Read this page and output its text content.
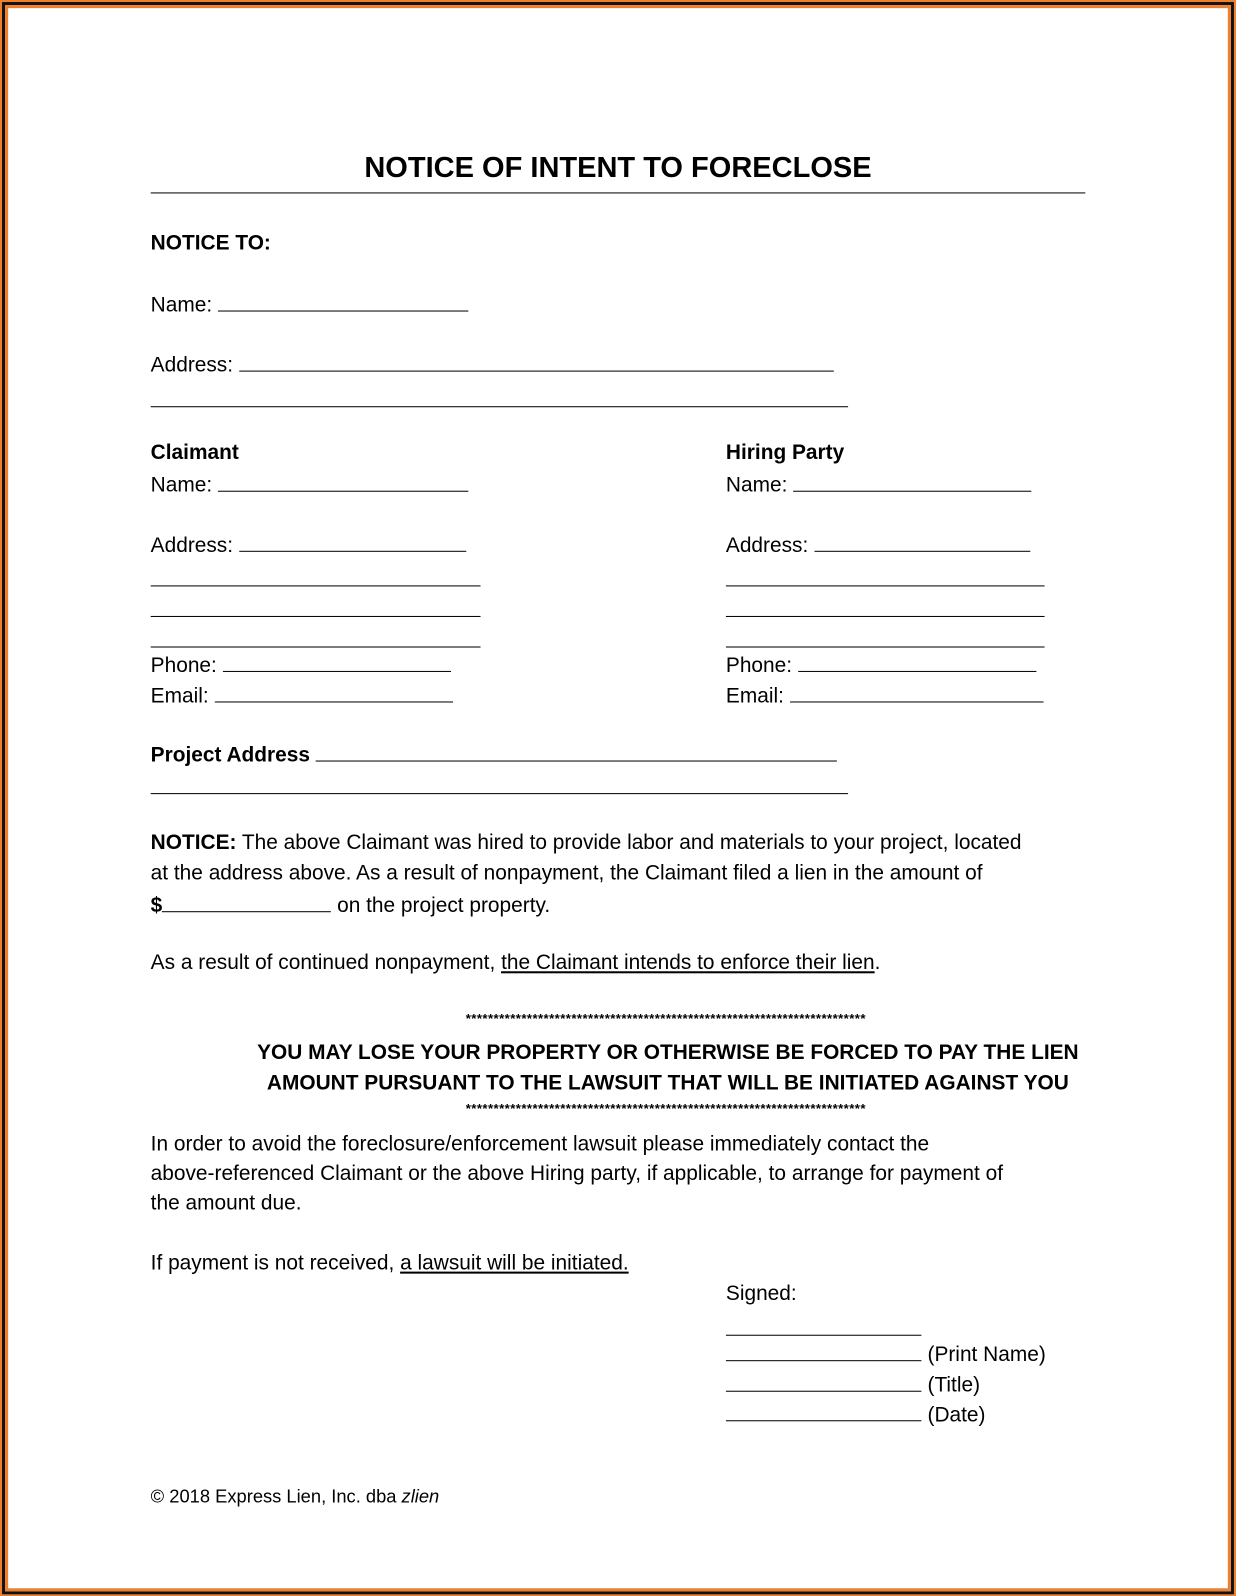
NOTICE OF INTENT TO FORECLOSE
NOTICE TO:
Name:
Address:
Claimant
Name:
Address:
Phone:
Email:
Hiring Party
Name:
Address:
Phone:
Email:
Project Address
NOTICE: The above Claimant was hired to provide labor and materials to your project, located
at the address above. As a result of nonpayment, the Claimant filed a lien in the amount of
$	on the project property.
As a result of continued nonpayment, the Claimant intends to enforce their lien.
************************************************************************
YOU MAY LOSE YOUR PROPERTY OR OTHERWISE BE FORCED TO PAY THE LIEN
AMOUNT PURSUANT TO THE LAWSUIT THAT WILL BE INITIATED AGAINST YOU
************************************************************************
In order to avoid the foreclosure/enforcement lawsuit please immediately contact the
above-referenced Claimant or the above Hiring party, if applicable, to arrange for payment of
the amount due.
If payment is not received, a lawsuit will be initiated.
Signed:
(Print Name)
(Title)
(Date)
© 2018 Express Lien, Inc. dba zlien
